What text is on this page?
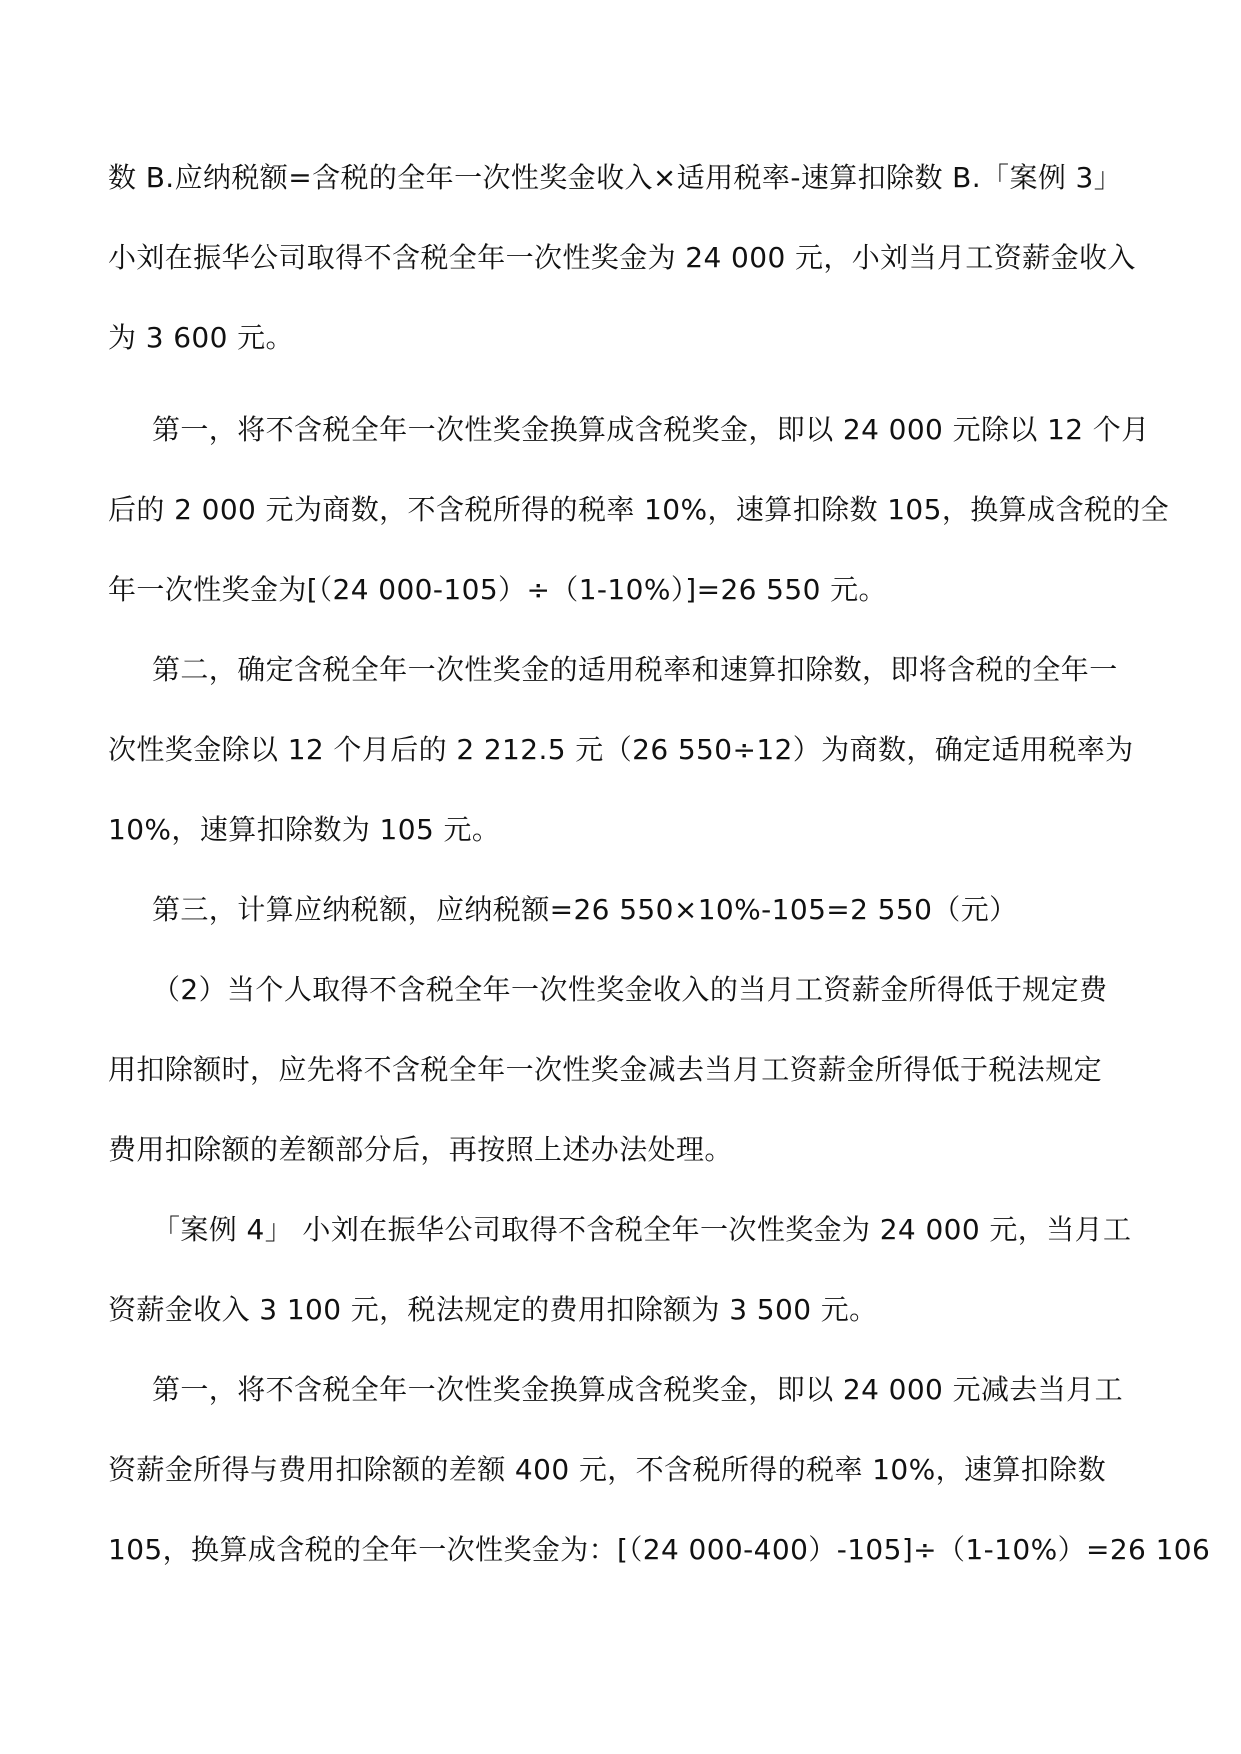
数 B.应纳税额=含税的全年一次性奖金收入×适用税率-速算扣除数 B.「案例 3」
小刘在振华公司取得不含税全年一次性奖金为 24 000 元，小刘当月工资薪金收入
为 3 600 元。
第一，将不含税全年一次性奖金换算成含税奖金，即以 24 000 元除以 12 个月
后的 2 000 元为商数，不含税所得的税率 10%，速算扣除数 105，换算成含税的全
年一次性奖金为[（24 000-105）÷（1-10%）]=26 550 元。
第二，确定含税全年一次性奖金的适用税率和速算扣除数，即将含税的全年一
次性奖金除以 12 个月后的 2 212.5 元（26 550÷12）为商数，确定适用税率为
10%，速算扣除数为 105 元。
第三，计算应纳税额，应纳税额=26 550×10%-105=2 550（元）
（2）当个人取得不含税全年一次性奖金收入的当月工资薪金所得低于规定费
用扣除额时，应先将不含税全年一次性奖金减去当月工资薪金所得低于税法规定
费用扣除额的差额部分后，再按照上述办法处理。
「案例 4」 小刘在振华公司取得不含税全年一次性奖金为 24 000 元，当月工
资薪金收入 3 100 元，税法规定的费用扣除额为 3 500 元。
第一，将不含税全年一次性奖金换算成含税奖金，即以 24 000 元减去当月工
资薪金所得与费用扣除额的差额 400 元，不含税所得的税率 10%，速算扣除数
105，换算成含税的全年一次性奖金为：[（24 000-400）-105]÷（1-10%）=26 106
